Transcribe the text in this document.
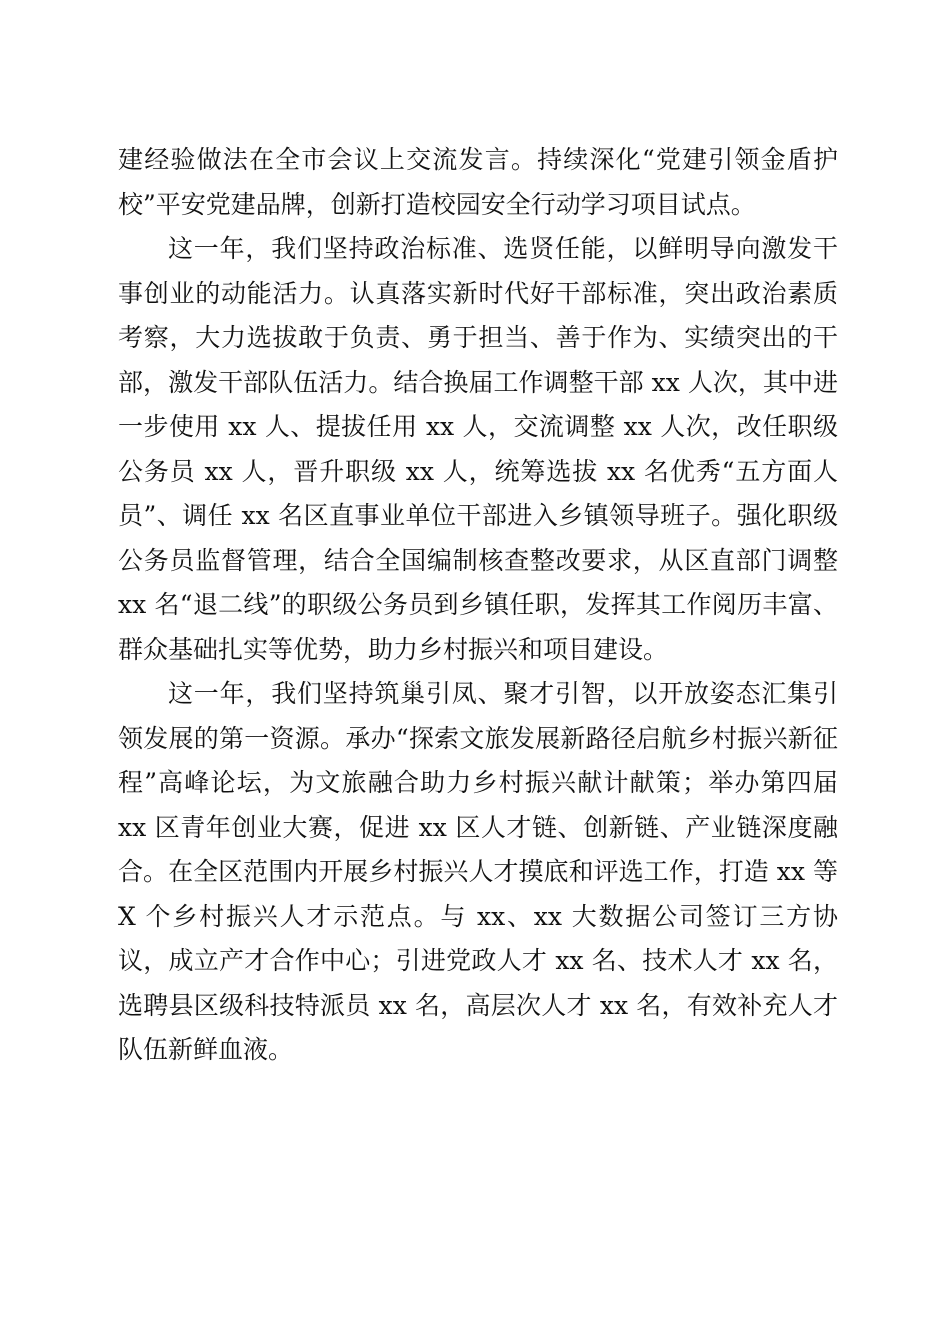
建经验做法在全市会议上交流发言。持续深化“党建引领金盾护校”平安党建品牌，创新打造校园安全行动学习项目试点。

这一年，我们坚持政治标准、选贤任能，以鲜明导向激发干事创业的动能活力。认真落实新时代好干部标准，突出政治素质考察，大力选拔敢于负责、勇于担当、善于作为、实绩突出的干部，激发干部队伍活力。结合换届工作调整干部 xx 人次，其中进一步使用 xx 人、提拔任用 xx 人，交流调整 xx 人次，改任职级公务员 xx 人，晋升职级 xx 人，统筹选拔 xx 名优秀“五方面人员”、调任 xx 名区直事业单位干部进入乡镇领导班子。强化职级公务员监督管理，结合全国编制核查整改要求，从区直部门调整 xx 名“退二线”的职级公务员到乡镇任职，发挥其工作阅历丰富、群众基础扎实等优势，助力乡村振兴和项目建设。

这一年，我们坚持筑巢引凤、聚才引智，以开放姿态汇集引领发展的第一资源。承办“探索文旅发展新路径启航乡村振兴新征程”高峰论坛，为文旅融合助力乡村振兴献计献策；举办第四届 xx 区青年创业大赛，促进 xx 区人才链、创新链、产业链深度融合。在全区范围内开展乡村振兴人才摸底和评选工作，打造 xx 等 X 个乡村振兴人才示范点。与 xx、xx 大数据公司签订三方协议，成立产才合作中心；引进党政人才 xx 名、技术人才 xx 名，选聘县区级科技特派员 xx 名，高层次人才 xx 名，有效补充人才队伍新鲜血液。
